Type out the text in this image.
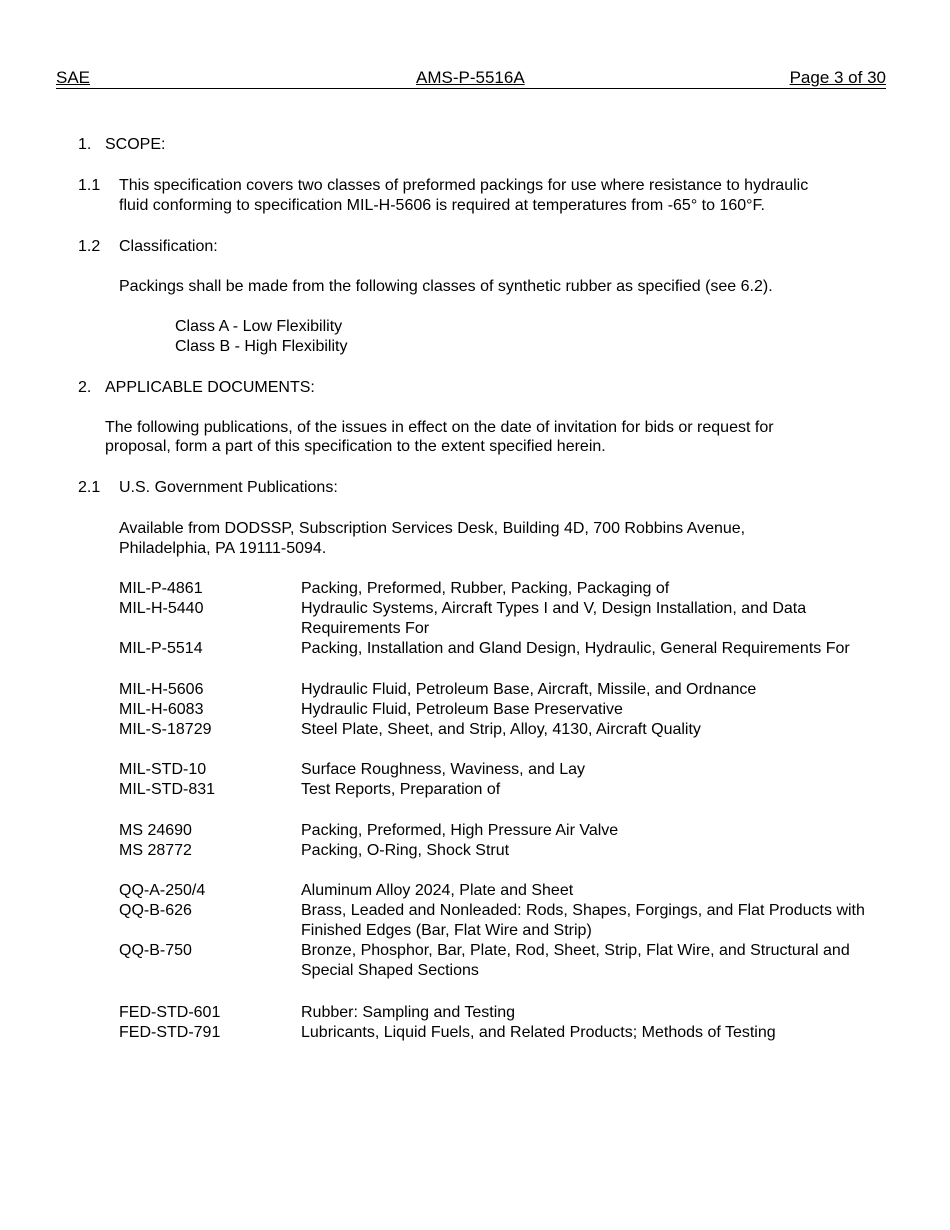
SAE	AMS-P-5516A	Page 3 of 30
1. SCOPE:
1.1 This specification covers two classes of preformed packings for use where resistance to hydraulic
fluid conforming to specification MIL-H-5606 is required at temperatures from -65° to 160°F.
1.2 Classification:
Packings shall be made from the following classes of synthetic rubber as specified (see 6.2).
Class A - Low Flexibility
Class B - High Flexibility
2. APPLICABLE DOCUMENTS:
The following publications, of the issues in effect on the date of invitation for bids or request for
proposal, form a part of this specification to the extent specified herein.
2.1 U.S. Government Publications:
Available from DODSSP, Subscription Services Desk, Building 4D, 700 Robbins Avenue,
Philadelphia, PA 19111-5094.
MIL-P-4861	Packing, Preformed, Rubber, Packing, Packaging of
MIL-H-5440	Hydraulic Systems, Aircraft Types I and V, Design Installation, and Data Requirements For
MIL-P-5514	Packing, Installation and Gland Design, Hydraulic, General Requirements For
MIL-H-5606	Hydraulic Fluid, Petroleum Base, Aircraft, Missile, and Ordnance
MIL-H-6083	Hydraulic Fluid, Petroleum Base Preservative
MIL-S-18729	Steel Plate, Sheet, and Strip, Alloy, 4130, Aircraft Quality
MIL-STD-10	Surface Roughness, Waviness, and Lay
MIL-STD-831	Test Reports, Preparation of
MS 24690	Packing, Preformed, High Pressure Air Valve
MS 28772	Packing, O-Ring, Shock Strut
QQ-A-250/4	Aluminum Alloy 2024, Plate and Sheet
QQ-B-626	Brass, Leaded and Nonleaded: Rods, Shapes, Forgings, and Flat Products with Finished Edges (Bar, Flat Wire and Strip)
QQ-B-750	Bronze, Phosphor, Bar, Plate, Rod, Sheet, Strip, Flat Wire, and Structural and Special Shaped Sections
FED-STD-601	Rubber: Sampling and Testing
FED-STD-791	Lubricants, Liquid Fuels, and Related Products; Methods of Testing
